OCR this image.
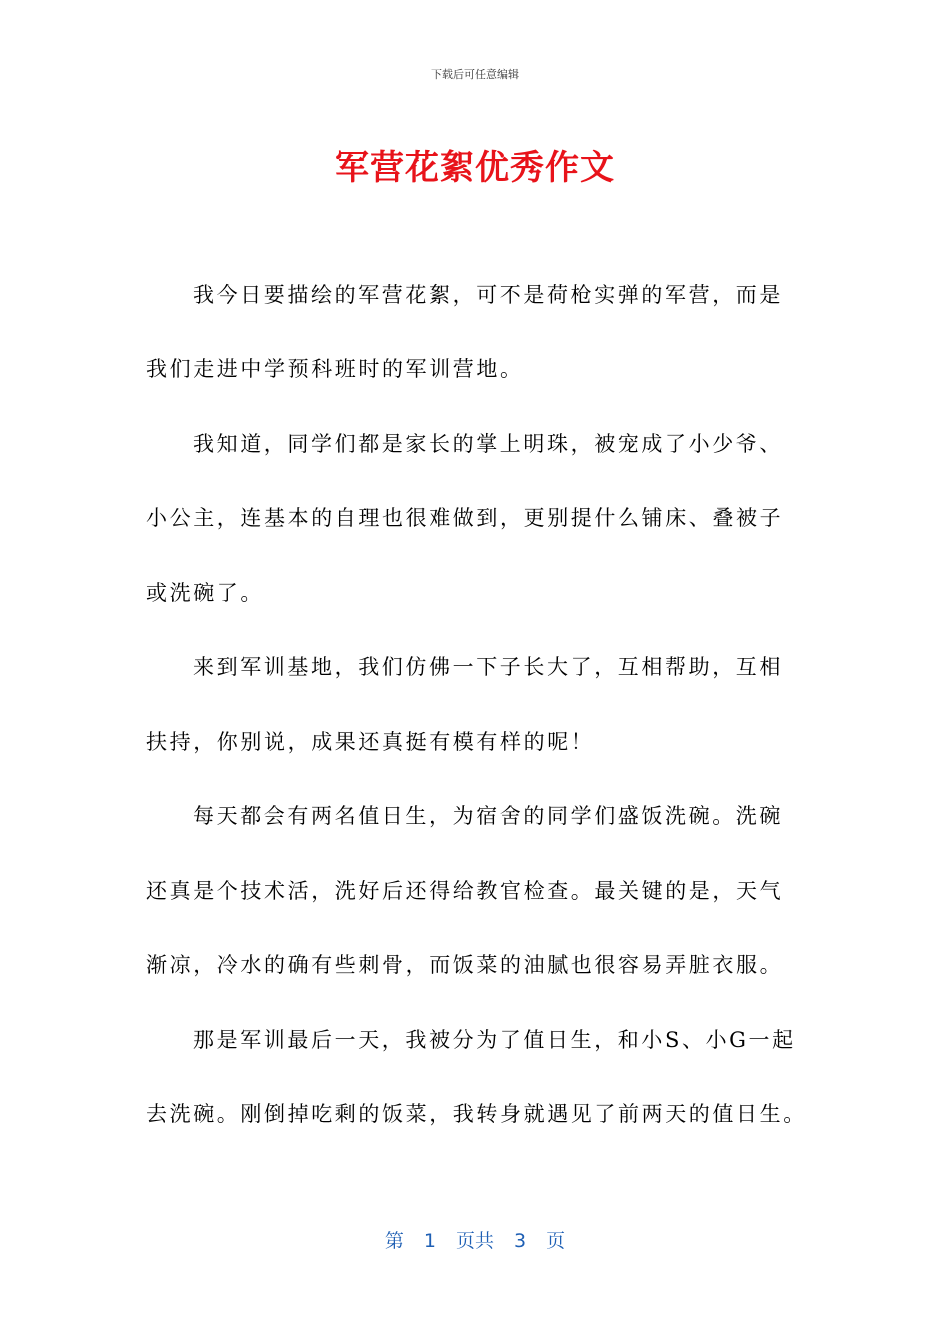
下载后可任意编辑
军营花絮优秀作文
我今日要描绘的军营花絮，可不是荷枪实弹的军营，而是
我们走进中学预科班时的军训营地。
我知道，同学们都是家长的掌上明珠，被宠成了小少爷、
小公主，连基本的自理也很难做到，更别提什么铺床、叠被子
或洗碗了。
来到军训基地，我们仿佛一下子长大了，互相帮助，互相
扶持，你别说，成果还真挺有模有样的呢！
每天都会有两名值日生，为宿舍的同学们盛饭洗碗。洗碗
还真是个技术活，洗好后还得给教官检查。最关键的是，天气
渐凉，冷水的确有些刺骨，而饭菜的油腻也很容易弄脏衣服。
那是军训最后一天，我被分为了值日生，和小S、小G一起
去洗碗。刚倒掉吃剩的饭菜，我转身就遇见了前两天的值日生。
第 1 页共 3 页
